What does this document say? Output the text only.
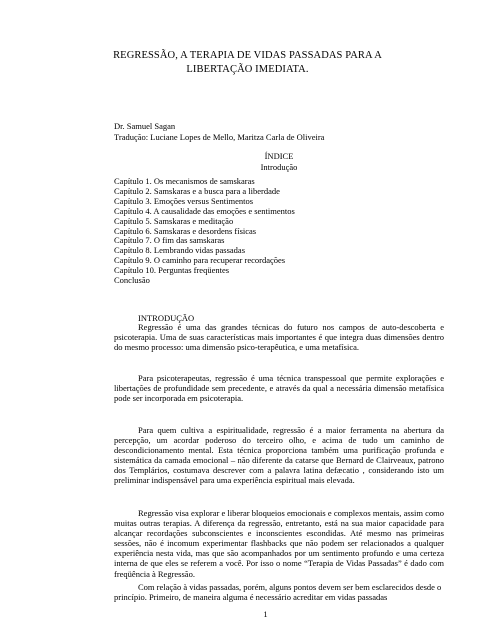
REGRESSÃO, A TERAPIA DE VIDAS PASSADAS PARA A
LIBERTAÇÃO IMEDIATA.
Dr. Samuel Sagan
Tradução: Luciane Lopes de Mello, Maritza Carla de Oliveira
ÍNDICE
Introdução
Capítulo 1. Os mecanismos de samskaras
Capítulo 2. Samskaras e a busca para a liberdade
Capítulo 3. Emoções versus Sentimentos
Capítulo 4. A causalidade das emoções e sentimentos
Capítulo 5. Samskaras e meditação
Capítulo 6. Samskaras e desordens físicas
Capítulo 7. O fim das samskaras
Capítulo 8. Lembrando vidas passadas
Capítulo 9. O caminho para recuperar recordações
Capítulo 10. Perguntas freqüentes
Conclusão
INTRODUÇÃO

Regressão é uma das grandes técnicas do futuro nos campos de auto-descoberta e psicoterapia. Uma de suas características mais importantes é que integra duas dimensões dentro do mesmo processo: uma dimensão psico-terapêutica, e uma metafísica.

Para psicoterapeutas, regressão é uma técnica transpessoal que permite explorações e libertações de profundidade sem precedente, e através da qual a necessária dimensão metafísica pode ser incorporada em psicoterapia.

Para quem cultiva a espiritualidade, regressão é a maior ferramenta na abertura da percepção, um acordar poderoso do terceiro olho, e acima de tudo um caminho de descondicionamento mental. Esta técnica proporciona também uma purificação profunda e sistemática da camada emocional – não diferente da catarse que Bernard de Clairveaux, patrono dos Templários, costumava descrever com a palavra latina defæcatio , considerando isto um preliminar indispensável para uma experiência espiritual mais elevada.

Regressão visa explorar e liberar bloqueios emocionais e complexos mentais, assim como muitas outras terapias. A diferença da regressão, entretanto, está na sua maior capacidade para alcançar recordações subconscientes e inconscientes escondidas. Até mesmo nas primeiras sessões, não é incomum experimentar flashbacks que não podem ser relacionados a qualquer experiência nesta vida, mas que são acompanhados por um sentimento profundo e uma certeza interna de que eles se referem a você. Por isso o nome “Terapia de Vidas Passadas” é dado com freqüência à Regressão.

Com relação à vidas passadas, porém, alguns pontos devem ser bem esclarecidos desde o princípio. Primeiro, de maneira alguma é necessário acreditar em vidas passadas

1
